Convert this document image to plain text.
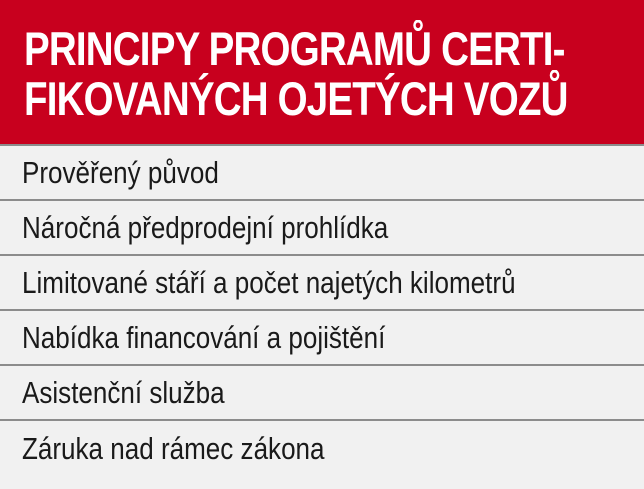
PRINCIPY PROGRAMŮ CERTI-
FIKOVANÝCH OJETÝCH VOZŮ
Prověřený původ
Náročná předprodejní prohlídka
Limitované stáří a počet najetých kilometrů
Nabídka financování a pojištění
Asistenční služba
Záruka nad rámec zákona
